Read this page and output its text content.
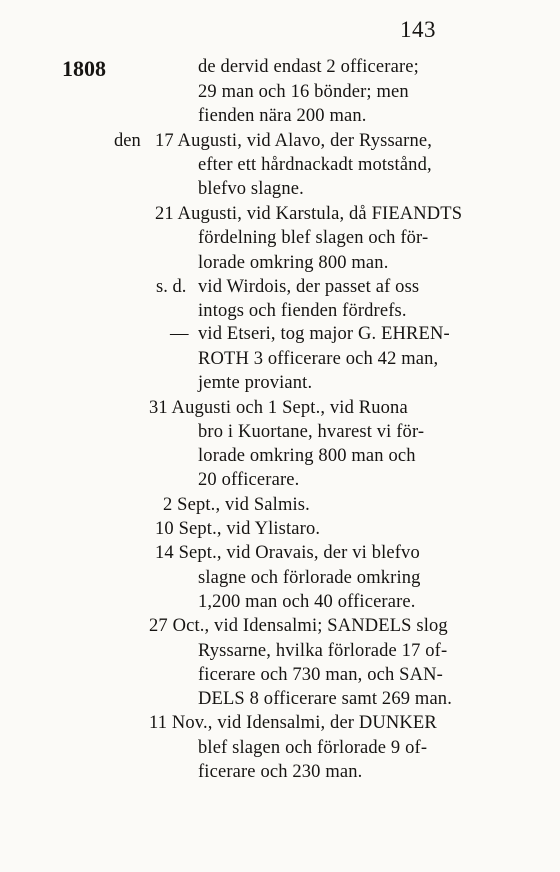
143
1808	de dervid endast 2 officerare;
29 man och 16 bönder; men
fienden nära 200 man.
den 17 Augusti, vid Alavo, der Ryssarne,
efter ett hårdnackadt motstånd,
blefvo slagne.
21 Augusti, vid Karstula, då FIEANDTS
fördelning blef slagen och för-
lorade omkring 800 man.
s. d. vid Wirdois, der passet af oss
intogs och fienden fördrefs.
— vid Etseri, tog major G. EHREN-
ROTH 3 officerare och 42 man,
jemte proviant.
31 Augusti och 1 Sept., vid Ruona
bro i Kuortane, hvarest vi för-
lorade omkring 800 man och
20 officerare.
2 Sept., vid Salmis.
10 Sept., vid Ylistaro.
14 Sept., vid Oravais, der vi blefvo
slagne och förlorade omkring
1,200 man och 40 officerare.
27 Oct., vid Idensalmi; SANDELS slog
Ryssarne, hvilka förlorade 17 of-
ficerare och 730 man, och SAN-
DELS 8 officerare samt 269 man.
11 Nov., vid Idensalmi, der DUNKER
blef slagen och förlorade 9 of-
ficerare och 230 man.
